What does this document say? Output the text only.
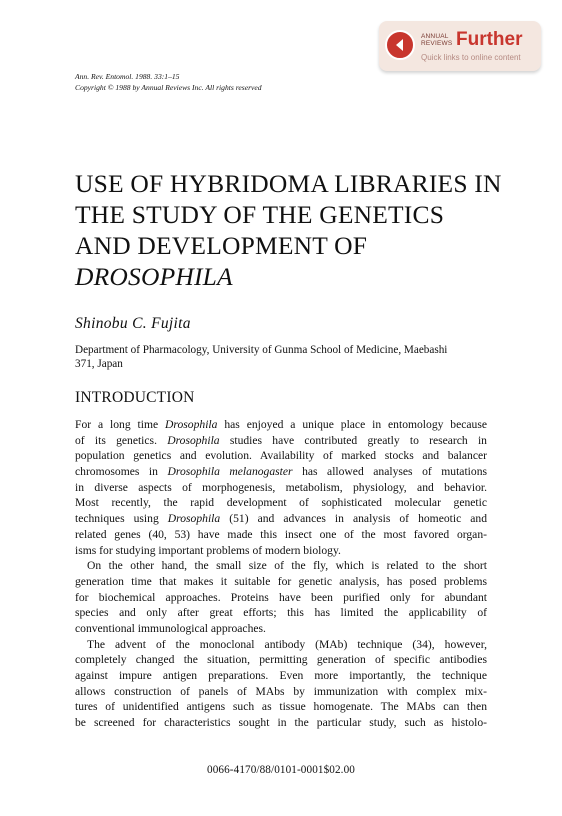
ANNUAL
REVIEWS Further
Quick links to online content
Ann. Rev. Entomol. 1988. 33:1–15
Copyright © 1988 by Annual Reviews Inc. All rights reserved
USE OF HYBRIDOMA LIBRARIES IN
THE STUDY OF THE GENETICS
AND DEVELOPMENT OF
DROSOPHILA
Shinobu C. Fujita
Department of Pharmacology, University of Gunma School of Medicine, Maebashi
371, Japan
INTRODUCTION
For a long time Drosophila has enjoyed a unique place in entomology because
of its genetics. Drosophila studies have contributed greatly to research in
population genetics and evolution. Availability of marked stocks and balancer
chromosomes in Drosophila melanogaster has allowed analyses of mutations
in diverse aspects of morphogenesis, metabolism, physiology, and behavior.
Most recently, the rapid development of sophisticated molecular genetic
techniques using Drosophila (51) and advances in analysis of homeotic and
related genes (40, 53) have made this insect one of the most favored organ-
isms for studying important problems of modern biology.
On the other hand, the small size of the fly, which is related to the short
generation time that makes it suitable for genetic analysis, has posed problems
for biochemical approaches. Proteins have been purified only for abundant
species and only after great efforts; this has limited the applicability of
conventional immunological approaches.
The advent of the monoclonal antibody (MAb) technique (34), however,
completely changed the situation, permitting generation of specific antibodies
against impure antigen preparations. Even more importantly, the technique
allows construction of panels of MAbs by immunization with complex mix-
tures of unidentified antigens such as tissue homogenate. The MAbs can then
be screened for characteristics sought in the particular study, such as histolo-
0066-4170/88/0101-0001$02.00
